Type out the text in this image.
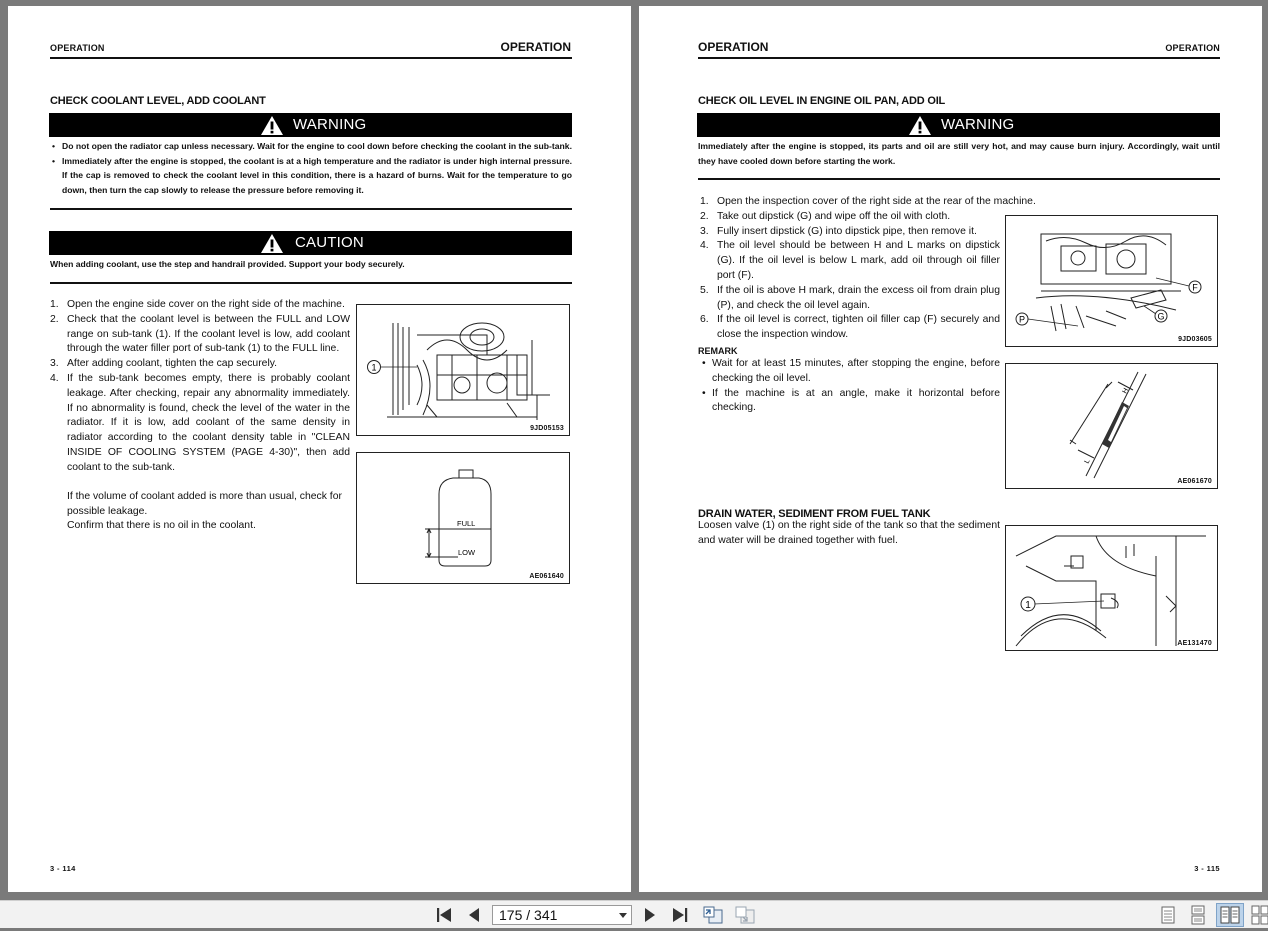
OPERATION	OPERATION
CHECK COOLANT LEVEL, ADD COOLANT
WARNING
• Do not open the radiator cap unless necessary. Wait for the engine to cool down before checking the coolant in the sub-tank.
• Immediately after the engine is stopped, the coolant is at a high temperature and the radiator is under high internal pressure. If the cap is removed to check the coolant level in this condition, there is a hazard of burns. Wait for the temperature to go down, then turn the cap slowly to release the pressure before removing it.
CAUTION
When adding coolant, use the step and handrail provided. Support your body securely.
1. Open the engine side cover on the right side of the machine.
2. Check that the coolant level is between the FULL and LOW range on sub-tank (1). If the coolant level is low, add coolant through the water filler port of sub-tank (1) to the FULL line.
3. After adding coolant, tighten the cap securely.
4. If the sub-tank becomes empty, there is probably coolant leakage. After checking, repair any abnormality immediately. If no abnormality is found, check the level of the water in the radiator. If it is low, add coolant of the same density in radiator according to the coolant density table in "CLEAN INSIDE OF COOLING SYSTEM (PAGE 4-30)", then add coolant to the sub-tank.
If the volume of coolant added is more than usual, check for possible leakage.
Confirm that there is no oil in the coolant.
1
9JD05153
FULL
LOW
AE061640
3 - 114
OPERATION	OPERATION
CHECK OIL LEVEL IN ENGINE OIL PAN, ADD OIL
WARNING
Immediately after the engine is stopped, its parts and oil are still very hot, and may cause burn injury. Accordingly, wait until they have cooled down before starting the work.
1. Open the inspection cover of the right side at the rear of the machine.
2. Take out dipstick (G) and wipe off the oil with cloth.
3. Fully insert dipstick (G) into dipstick pipe, then remove it.
4. The oil level should be between H and L marks on dipstick (G). If the oil level is below L mark, add oil through oil filler port (F).
5. If the oil is above H mark, drain the excess oil from drain plug (P), and check the oil level again.
6. If the oil level is correct, tighten oil filler cap (F) securely and close the inspection window.
REMARK
• Wait for at least 15 minutes, after stopping the engine, before checking the oil level.
• If the machine is at an angle, make it horizontal before checking.
F
G
P
9JD03605
H
L
AE061670
DRAIN WATER, SEDIMENT FROM FUEL TANK
Loosen valve (1) on the right side of the tank so that the sediment and water will be drained together with fuel.
1
AE131470
3 - 115
175 / 341
